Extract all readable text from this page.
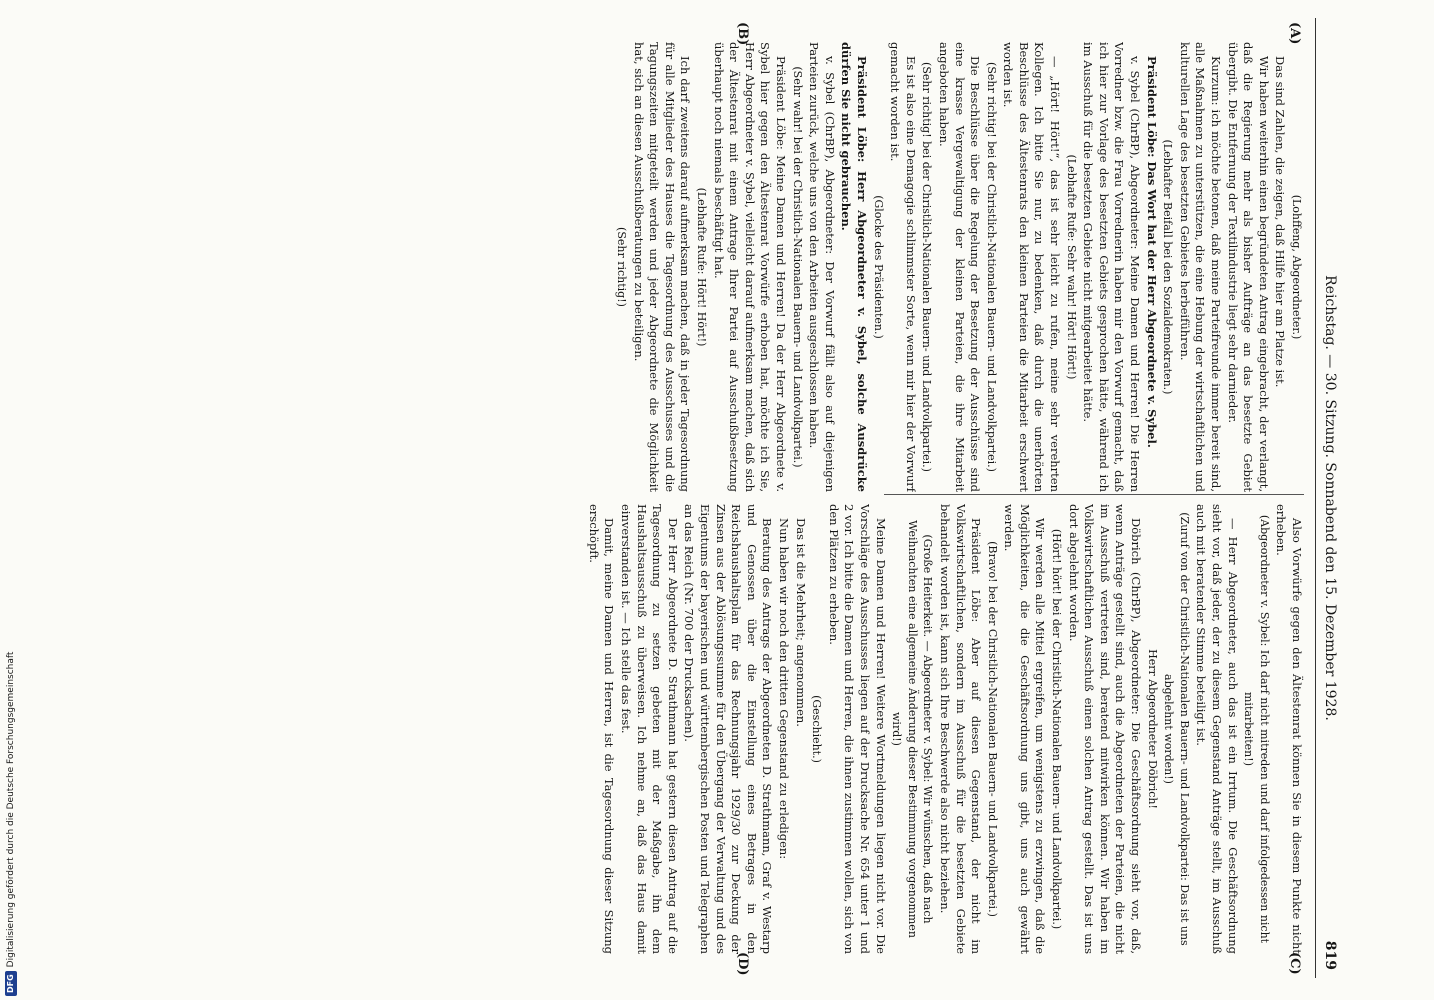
Reichstag. — 30. Sitzung. Sonnabend den 15. Dezember 1928.
819
(A)
(B)
(C)
(D)

(Lohffeng, Abgeordneter.)

Das sind Zahlen, die zeigen, daß Hilfe hier am Platze ist.

Wir haben weiterhin einen begründeten Antrag eingebracht, der verlangt, daß die Regierung mehr als bisher Aufträge an das besetzte Gebiet übergibt. Die Entfernung der Textilindustrie liegt sehr darnieder.

Kurzum: ich möchte betonen, daß meine Parteifreunde immer bereit sind, alle Maßnahmen zu unterstützen, die eine Hebung der wirtschaftlichen und kulturellen Lage des besetzten Gebietes herbeiführen.

(Lebhafter Beifall bei den Sozialdemokraten.)

Präsident Löbe: Das Wort hat der Herr Abgeordnete v. Sybel.

v. Sybel (ChrBP), Abgeordneter: Meine Damen und Herren! Die Herren Vorredner bzw. die Frau Vorrednerin haben mir den Vorwurf gemacht, daß ich hier zur Vorlage des besetzten Gebiets gesprochen hätte, während ich im Ausschuß für die besetzten Gebiete nicht mitgearbeitet hätte.

(Lebhafte Rufe: Sehr wahr! Hört! Hört!)

— „Hört! Hört!“, das ist sehr leicht zu rufen, meine sehr verehrten Kollegen. Ich bitte Sie nur, zu bedenken, daß durch die unerhörten Beschlüsse des Ältestenrats den kleinen Parteien die Mitarbeit erschwert worden ist.

(Sehr richtig! bei der Christlich-Nationalen Bauern- und Landvolkpartei.)

Die Beschlüsse über die Regelung der Besetzung der Ausschüsse sind eine krasse Vergewaltigung der kleinen Parteien, die ihre Mitarbeit angeboten haben.

(Sehr richtig! bei der Christlich-Nationalen Bauern- und Landvolkpartei.)

Es ist also eine Demagogie schlimmster Sorte, wenn mir hier der Vorwurf gemacht worden ist.

(Glocke des Präsidenten.)

Präsident Löbe: Herr Abgeordneter v. Sybel, solche Ausdrücke dürfen Sie nicht gebrauchen.

v. Sybel (ChrBP), Abgeordneter: Der Vorwurf fällt also auf diejenigen Parteien zurück, welche uns von den Arbeiten ausgeschlossen haben.

(Sehr wahr! bei der Christlich-Nationalen Bauern- und Landvolkpartei.)

Präsident Löbe: Meine Damen und Herren! Da der Herr Abgeordnete v. Sybel hier gegen den Ältestenrat Vorwürfe erhoben hat, möchte ich Sie, Herr Abgeordneter v. Sybel, vielleicht darauf aufmerksam machen, daß sich der Ältestenrat mit einem Antrage Ihrer Partei auf Ausschußbesetzung überhaupt noch niemals beschäftigt hat.

(Lebhafte Rufe: Hört! Hört!)

Ich darf zweitens darauf aufmerksam machen, daß in jeder Tagesordnung für alle Mitglieder des Hauses die Tagesordnung des Ausschusses und die Tagungszeiten mitgeteilt werden und jeder Abgeordnete die Möglichkeit hat, sich an diesen Ausschußberatungen zu beteiligen.

(Sehr richtig!)

Also Vorwürfe gegen den Ältestenrat können Sie in diesem Punkte nicht erheben.

(Abgeordneter v. Sybel: Ich darf nicht mitreden und darf infolgedessen nicht mitarbeiten!)

— Herr Abgeordneter, auch das ist ein Irrtum. Die Geschäftsordnung sieht vor, daß jeder, der zu diesem Gegenstand Anträge stellt, im Ausschuß auch mit beratender Stimme beteiligt ist.

(Zuruf von der Christlich-Nationalen Bauern- und Landvolkpartei: Das ist uns abgelehnt worden!)

Herr Abgeordneter Döbrich!

Döbrich (ChrBP), Abgeordneter: Die Geschäftsordnung sieht vor, daß, wenn Anträge gestellt sind, auch die Abgeordneten der Parteien, die nicht im Ausschuß vertreten sind, beratend mitwirken können. Wir haben im Volkswirtschaftlichen Ausschuß einen solchen Antrag gestellt. Das ist uns dort abgelehnt worden.

(Hört! hört! bei der Christlich-Nationalen Bauern- und Landvolkpartei.)

Wir werden alle Mittel ergreifen, um wenigstens zu erzwingen, daß die Möglichkeiten, die die Geschäftsordnung uns gibt, uns auch gewährt werden.

(Bravo! bei der Christlich-Nationalen Bauern- und Landvolkpartei.)

Präsident Löbe: Aber auf diesen Gegenstand, der nicht im Volkswirtschaftlichen, sondern im Ausschuß für die besetzten Gebiete behandelt worden ist, kann sich Ihre Beschwerde also nicht beziehen.

(Große Heiterkeit. — Abgeordneter v. Sybel: Wir wünschen, daß nach Weihnachten eine allgemeine Änderung dieser Bestimmung vorgenommen wird!)

Meine Damen und Herren! Weitere Wortmeldungen liegen nicht vor. Die Vorschläge des Ausschusses liegen auf der Drucksache Nr. 654 unter 1 und 2 vor. Ich bitte die Damen und Herren, die ihnen zustimmen wollen, sich von den Plätzen zu erheben.

(Geschieht.)

Das ist die Mehrheit; angenommen.

Nun haben wir noch den dritten Gegenstand zu erledigen:

Beratung des Antrags der Abgeordneten D. Strathmann, Graf v. Westarp und Genossen über die Einstellung eines Betrages in den Reichshaushaltsplan für das Rechnungsjahr 1929/30 zur Deckung der Zinsen aus der Ablösungssumme für den Übergang der Verwaltung und des Eigentums der bayerischen und württembergischen Posten und Telegraphen an das Reich (Nr. 700 der Drucksachen).

Der Herr Abgeordnete D. Strathmann hat gestern diesen Antrag auf die Tagesordnung zu setzen gebeten mit der Maßgabe, ihn dem Haushaltsausschuß zu überweisen. Ich nehme an, daß das Haus damit einverstanden ist. — Ich stelle das fest.

Damit, meine Damen und Herren, ist die Tagesordnung dieser Sitzung erschöpft.

DFGDigitalisierung gefördert durch die Deutsche Forschungsgemeinschaft
